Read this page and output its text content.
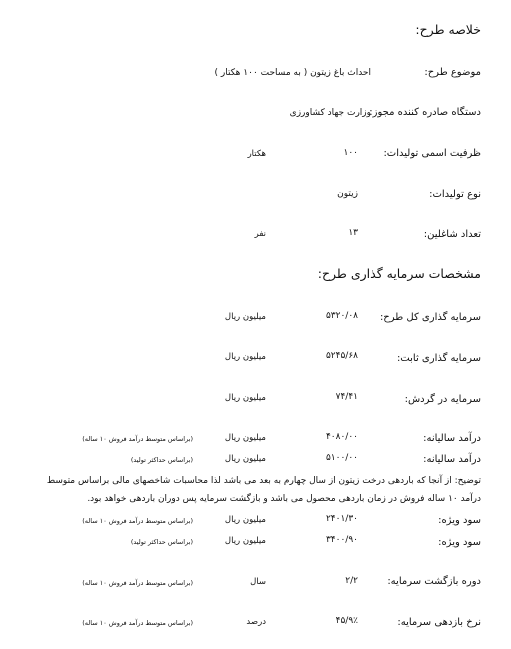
خلاصه طرح:
موضوع طرح:
احداث باغ زیتون ( به مساحت ۱۰۰ هکتار )
دستگاه صادره کننده مجوز:
وزارت جهاد کشاورزی
ظرفیت اسمی تولیدات:
۱۰۰
هکتار
نوع تولیدات:
زیتون
تعداد شاغلین:
۱۳
نفر
مشخصات سرمایه گذاری طرح:
سرمایه گذاری کل طرح:
۵۳۲۰/۰۸
میلیون ریال
سرمایه گذاری ثابت:
۵۲۴۵/۶۸
میلیون ریال
سرمایه در گردش:
۷۴/۴۱
میلیون ریال
درآمد سالیانه:
۴۰۸۰/۰۰
میلیون ریال
(براساس متوسط درآمد فروش ۱۰ ساله)
درآمد سالیانه:
۵۱۰۰/۰۰
میلیون ریال
(براساس حداکثر تولید)
توضیح: از آنجا که باردهی درخت زیتون از سال چهارم به بعد می باشد لذا محاسبات شاخصهای مالی براساس متوسط درآمد ۱۰ ساله فروش در زمان باردهی محصول می باشد و بازگشت سرمایه پس دوران باردهی خواهد بود.
سود ویژه:
۲۴۰۱/۳۰
میلیون ریال
(براساس متوسط درآمد فروش ۱۰ ساله)
سود ویژه:
۳۴۰۰/۹۰
میلیون ریال
(براساس حداکثر تولید)
دوره بازگشت سرمایه:
۲/۲
سال
(براساس متوسط درآمد فروش ۱۰ ساله)
نرخ بازدهی سرمایه:
۴۵/۹٪
درصد
(براساس متوسط درآمد فروش ۱۰ ساله)
